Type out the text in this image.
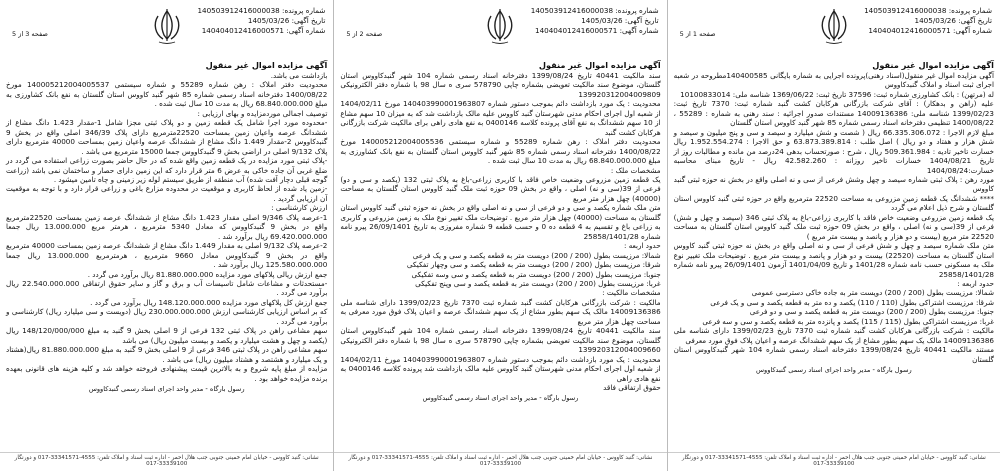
شماره پرونده: 140503912416000038
تاریخ آگهی: 1405/03/26
شماره آگهی: 140404012416000571
صفحه 3 از 5
آگهی مزایده اموال غیر منقول

بازداشت می باشد.

محدودیت دفتر املاک : رهن شماره 55289 و شماره سیستمی 140005212004005537 مورخ 1400/08/22 دفترخانه اسناد رسمی شماره 85 شهر گنبد کاووس استان گلستان به نفع بانک کشاورزی به مبلغ 68.840.000.000 ریال به مدت 10 سال ثبت شده .

توصیف اجمالی موردمزایده و بهای ارزیابی :

-محدوده مورد اجرا شامل یک قطعه زمین و دو پلاک ثبتی مجزا شامل 1-مقدار 1.423 دانگ مشاع از ششدانگ عرصه واعیان زمین بمساحت 22520مترمربع دارای پلاک 346/39 اصلی واقع در بخش 9 گنبدکاووس 2-مقدار 1.449 دانگ مشاع از ششدانگ عرصه واعیان زمین بمساحت 40000 مترمربع دارای پلاک 9/132 اصلی در اراضی بخش 9 گنبدکاووس جمعا 15000 مترمربع می باشد .

-پلاک ثبتی مورد مزایده در یک قطعه زمین واقع شده که در حال حاضر بصورت زراعی استفاده می گردد در ضلع غربی آن جاده خاکی به عرض 6 متر قرار دارد که این زمین دارای حصار و ساختمان نمی باشد (زراعت گوجه قبلی دچار آفت شده) آب منطقه از طریق سیستم لوله زیر زمینی و چاه تامین میشود .

-زمین یاد شده از لحاظ کاربری و موقعیت در محدوده مزارع باغی و زراعی قرار دارد و با توجه به موقعیت آن ارزیابی گردید .

ارزش کارشناسی :

1-عرصه پلاک 9/346 اصلی مقدار 1.423 دانگ مشاع از ششدانگ عرصه زمین بمساحت 22520مترمربع واقع در بخش 9 گنبدکاووس که معادل 5340 مترمربع ، هرمتر مربع 13.000.000 ریال جمعا 69.420.000.000 ریال برآورد شد .

2-عرصه پلاک 9/132 اصلی به مقدار 1.449 دانگ مشاع از ششدانگ عرصه زمین بمساحت 40000 مترمربع واقع در بخش 9 گنبدکاووس معادل 9660 مترمربع ، هرمترمربع 13.000.000 ریال جمعا 125.580.000.000 ریال برآورد شد .

جمع ارزش ریالی پلاکهای مورد مزایده 81.880.000.000 ریال برآورد می گردد .

-مستحدثات و مشاعات شامل تاسیسات آب و برق و گاز و سایر حقوق ارتفاقی 22.540.000.000 ریال برآورد می گردد .

جمع ارزش کل پلاکهای مورد مزایده 148.120.000.000 ریال برآورد می گردد .

که بر اساس ارزیابی کارشناسی ارزش 230.000.000.000 ریال (دویست و سی میلیارد ریال) کارشناسی و برآورد می گردد .

سهم مشاعی راهن در پلاک ثبتی 132 فرعی از 9 اصلی بخش 9 گنبد به مبلغ 148/120/000/000 ریال (یکصد و چهل و هشت میلیارد و یکصد و بیست میلیون ریال) می باشد

سهم مشاعی راهن در پلاک ثبتی 346 فرعی از 9 اصلی بخش 9 گنبد به مبلغ 81.880.000.000 ریال(هشتاد و یک میلیارد و هشتصد و هشتاد میلیون ریال) می باشد .

مزایده از مبلغ پایه شروع و به بالاترین قیمت پیشنهادی فروخته خواهد شد و کلیه هزینه های قانونی بعهده برنده مزایده خواهد بود .

رسول بارگاه - مدیر واحد اجرای اسناد رسمی گنبدکاووس
نشانی: گنبد کاووس - خیابان امام خمینی جنوبی جنب هلال احمر - اداره ثبت اسناد و املاک تلفن: 4555-33341571-017 و دورنگار 33339100-017
شماره پرونده: 140503912416000038
تاریخ آگهی: 1405/03/26
شماره آگهی: 140404012416000571
صفحه 2 از 5
آگهی مزایده اموال غیر منقول

سند مالکیت 40441 تاریخ 1399/08/24 دفترخانه اسناد رسمی شماره 104 شهر گنبدکاووس استان گلستان، موضوع سند مالکیت تعویضی بشماره چاپی 578790 سری ه سال 98 با شماره دفتر الکترونیکی 139920312004009809

محدودیت : یک مورد بازداشت دائم بموجب دستور شماره 140403990001963807 مورخ 1404/02/11 از شعبه اول اجرای احکام مدنی شهرستان گنبد کاووس علیه مالک بازداشت شد که به میزان 10 سهم مشاع از 10 سهم ششدانگ به نفع آقای پرونده کلاسه 0400146 به نفع هادی راهی برای مالکیت شرکت بازرگانی هرکابان کشت گنبد

محدودیت دفتر املاک : رهن شماره 55289 و شماره سیستمی 140005212004005536 مورخ 1400/08/22 دفترخانه اسناد رسمی شماره 85 شهر گنبد کاووس استان گلستان به نفع بانک کشاورزی به مبلغ 68.840.000.000 ریال به مدت 10 سال ثبت شده .

مشخصات ملک :

یک قطعه زمین مزروعی وضعیت خاص فاقد با کاربری زراعی-باغ به پلاک ثبتی 132 (یکصد و سی و دو) فرعی از 39(سی و نه) اصلی ، واقع در بخش 09 حوزه ثبت ملک گنبد کاووس استان گلستان به مساحت (40000) چهل هزار متر مربع

متن ملک شماره یکصد و سی و دو فرعی از سی و نه اصلی واقع در بخش نه حوزه ثبتی گنبد کاووس استان گلستان به مساحت (40000) چهل هزار متر مربع . توضیحات ملک تغییر نوع ملک به زمین مزروعی و کاربری به زراعی باغ و تقسیم به 4 قطعه ده 0 و حسب قطعه 9 شماره مفروزی به تاریخ 26/09/1401 پیرو نامه شماره 25858/1401/28

حدود اربعه :

شمالا: مرزیست بطول (200 / 200) دویست متر به قطعه یکصد و سی و یک فرعی

شرقا: مرزیست بطول (200 / 200) دویست متر به قطعه یکصد و سی وچهار تفکیکی

جنوبا: مرزیست بطول (200 / 200) دویست متر به قطعه یکصد و سی وسه تفکیکی

غربا: مرزیست بطول (200 / 200) دویست متر به قطعه یکصد و سی وپنج تفکیکی

مشخصات مالکیت :

مالکیت : شرکت بازرگانی هرکابان کشت گنبد شماره ثبت 7370 تاریخ 1399/02/23 دارای شناسه ملی 14009136386 مالک یک سهم بطور مشاع از یک سهم ششدانگ عرصه و اعیان پلاک فوق مورد معرفی به مساحت چهل هزار متر مربع

سند مالکیت 40441 تاریخ 1399/08/24 دفترخانه اسناد رسمی شماره 104 شهر گنبدکاووس استان گلستان، موضوع سند مالکیت تعویضی بشماره چاپی 578790 سری ه سال 98 با شماره دفتر الکترونیکی 139920312004009660

محدودیت : یک مورد بازداشت دائم بموجب دستور شماره 140403990001963807 مورخ 1404/02/11 از شعبه اول اجرای احکام مدنی شهرستان گنبد کاووس علیه مالک بازداشت شد پرونده کلاسه 0400146 به نفع هادی راهی

حقوق ارتفاقی فاقد

رسول بارگاه - مدیر واحد اجرای اسناد رسمی گنبدکاووس
نشانی: گنبد کاووس - خیابان امام خمینی جنوبی جنب هلال احمر - اداره ثبت اسناد و املاک تلفن: 4555-33341571-017 و دورنگار 33339100-017
شماره پرونده: 140503912416000038
تاریخ آگهی: 1405/03/26
شماره آگهی: 140404012416000571
صفحه 1 از 5
آگهی مزایده اموال غیر منقول

آگهی مزایده اموال غیر منقول(اسناد رهنی)پرونده اجرایی به شماره بایگانی 140400585مطروحه در شعبه اجرای ثبت اسناد و املاک گنبدکاووس

له (مرتهن) : بانک کشاورزی شماره ثبت: 37596 تاریخ ثبت: 1369/06/22 شناسه ملی: 10100833014

علیه (راهن و بدهکار) : آقای شرکت بازرگانی هرکابان کشت گنبد شماره ثبت: 7370 تاریخ ثبت: 1399/02/23 شناسه ملی: 14009136386 مستندات صدور اجرائیه : سند رهنی به شماره : 55289 ، 1400/08/22 تنظیمی دفترخانه اسناد رسمی شماره 85 شهر گنبد کاووس استان گلستان

مبلغ لازم الاجرا : 66.335.306.072 ریال ( شصت و شش میلیارد و سیصد و سی و پنج میلیون و سیصد و شش هزار و هفتاد و دو ریال ) اصل طلب : 63.873.389.814 و حق الاجرا : 1.952.554.274 ریال خسارت تاخیر تادیه : 509.361.984 ریال ، شرح : صورتحساب بدهی 24درصد من مانده و مطالبات روز از تاریخ 1404/08/21 خسارات تاخیر روزانه : 42.582.260 ریال - تاریخ مبنای محاسبه خسارت:1404/08/24

مورد رهن : پلاک ثبتی شماره سیصد و چهل وشش فرعی از سی و نه اصلی واقع در بخش نه حوزه ثبتی گنبد کاووس

**** ششدانگ یک قطعه زمین مزروعی به مساحت 22520 مترمربع واقع در حوزه ثبتی گنبد کاووس استان گلستان و شرح ذیل اعلام می گردد

یک قطعه زمین مزروعی وضعیت خاص فاقد با کاربری زراعی-باغ به پلاک ثبتی 346 (سیصد و چهل و شش) فرعی از 39(سی و نه) اصلی ، واقع در بخش 09 حوزه ثبت ملک گنبد کاووس استان گلستان به مساحت 22520 متر مربع (بیست و دو هزار و پانصد و بیست متر مربع )

متن ملک شماره سیصد و چهل و شش فرعی از سی و نه اصلی واقع در بخش نه حوزه ثبتی گنبد کاووس استان گلستان به مساحت (22520) بیست و دو هزار و پانصد و بیست متر مربع . توضیحات ملک تغییر نوع ملک به مسکونی حسب نامه شماره 1401/28 و تاریخ 1401/04/09 آزمون 26/09/1401 پیرو نامه شماره 25858/1401/28

حدود اربعه :

شمالا: مرزیست بطول (200 / 200) دویست متر به جاده خاکی دسترسی عمومی

شرقا: مرزیست اشتراکی بطول (110 / 110) یکصد و ده متر به قطعه یکصد و سی و یک فرعی

جنوبا: مرزیست بطول (200 / 200) دویست متر به قطعه یکصد و سی و دو فرعی

غربا: مرزیست اشتراکی بطول (115 / 115) یکصد و پانزده متر به قطعه یکصد و سی و سه فرعی

مالکیت : شرکت بازرگانی هرکابان کشت گنبد شماره ثبت 7370 تاریخ 1399/02/23 دارای شناسه ملی 14009136386 مالک یک سهم بطور مشاع از یک سهم ششدانگ عرصه و اعیان پلاک فوق مورد معرفی

مستند مالکیت 40441 تاریخ 1399/08/24 دفترخانه اسناد رسمی شماره 104 شهر گنبدکاووس استان گلستان

رسول بارگاه - مدیر واحد اجرای اسناد رسمی گنبدکاووس
نشانی: گنبد کاووس - خیابان امام خمینی جنوبی جنب هلال احمر - اداره ثبت اسناد و املاک تلفن: 4555-33341571-017 و دورنگار 33339100-017
